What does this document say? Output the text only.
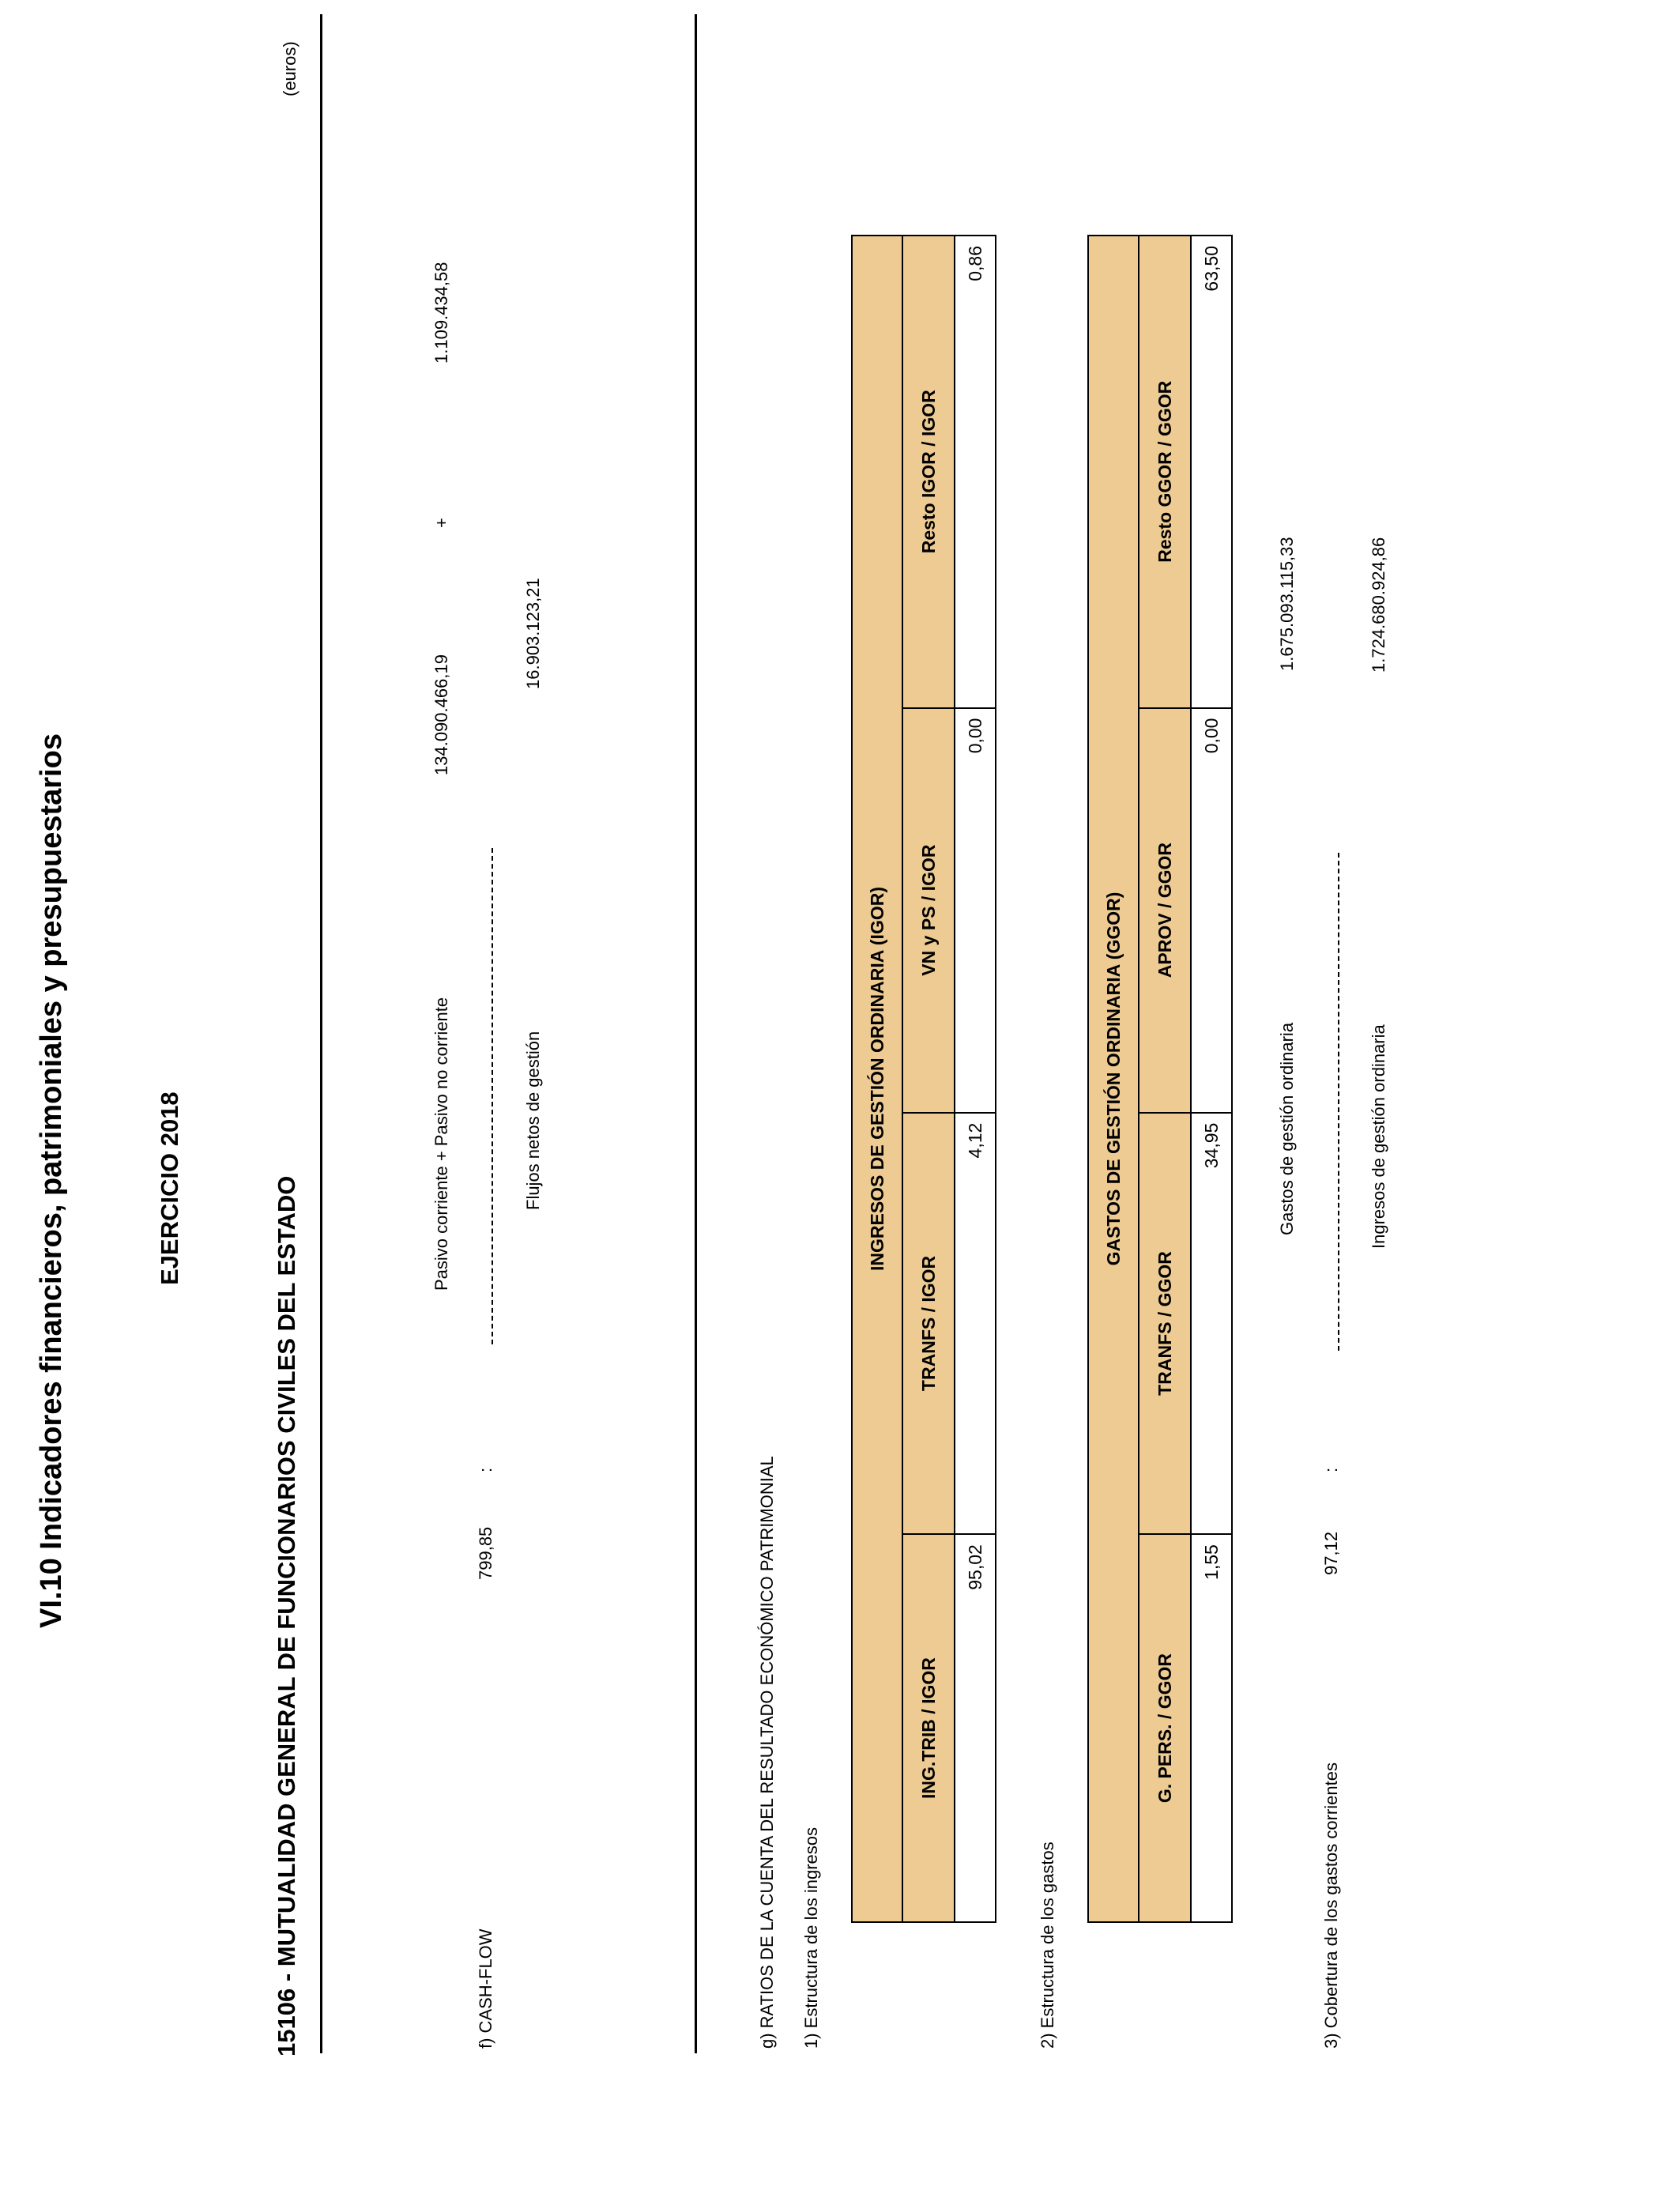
VI.10 Indicadores financieros, patrimoniales y presupuestarios	EJERCICIO 2018	15106 - MUTUALIDAD GENERAL DE FUNCIONARIOS CIVILES DEL ESTADO
(euros)
f) CASH-FLOW
799,85
:
Pasivo corriente + Pasivo no corriente
134.090.466,19
+
1.109.434,58
Flujos netos de gestión
16.903.123,21
g) RATIOS DE LA CUENTA DEL RESULTADO ECONÓMICO PATRIMONIAL 1) Estructura de los ingresos
INGRESOS DE GESTIÓN ORDINARIA (IGOR)			
ING.TRIB / IGOR	TRANFS / IGOR	VN y PS / IGOR	Resto IGOR / IGOR
95,02	4,12	0,00	0,86
2) Estructura de los gastos
GASTOS DE GESTIÓN ORDINARIA (GGOR)			
G. PERS. / GGOR	TRANFS / GGOR	APROV / GGOR	Resto GGOR / GGOR
1,55	34,95	0,00	63,50
3) Cobertura de los gastos corrientes
97,12
:
Gastos de gestión ordinaria
1.675.093.115,33
Ingresos de gestión ordinaria
1.724.680.924,86
